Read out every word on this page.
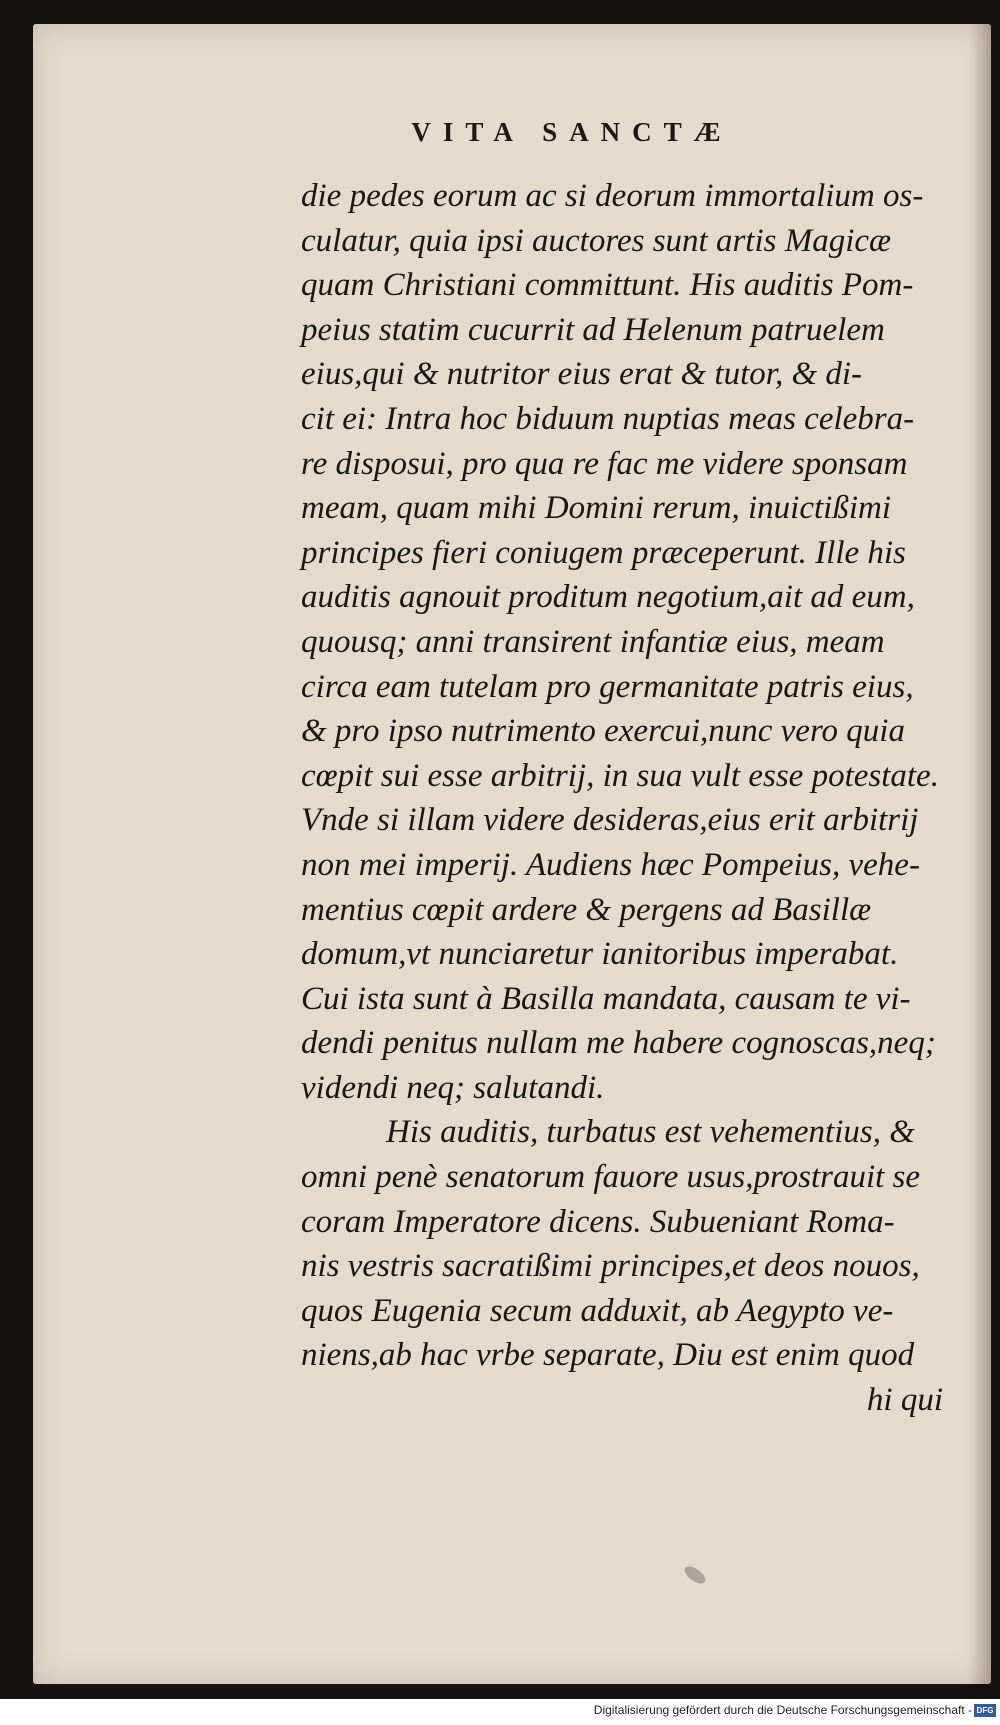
VITA SANCTÆ
die pedes eorum ac si deorum immortalium os-
culatur, quia ipsi auctores sunt artis Magicæ
quam Christiani committunt. His auditis Pom-
peius statim cucurrit ad Helenum patruelem
eius,qui & nutritor eius erat & tutor, & di-
cit ei: Intra hoc biduum nuptias meas celebra-
re disposui, pro qua re fac me videre sponsam
meam, quam mihi Domini rerum, inuictißimi
principes fieri coniugem præceperunt. Ille his
auditis agnouit proditum negotium,ait ad eum,
quousq; anni transirent infantiæ eius, meam
circa eam tutelam pro germanitate patris eius,
& pro ipso nutrimento exercui,nunc vero quia
cœpit sui esse arbitrij, in sua vult esse potestate.
Vnde si illam videre desideras,eius erit arbitrij
non mei imperij. Audiens hæc Pompeius, vehe-
mentius cœpit ardere & pergens ad Basillæ
domum,vt nunciaretur ianitoribus imperabat.
Cui ista sunt à Basilla mandata, causam te vi-
dendi penitus nullam me habere cognoscas,neq;
videndi neq; salutandi.
His auditis, turbatus est vehementius, &
omni penè senatorum fauore usus,prostrauit se
coram Imperatore dicens. Subueniant Roma-
nis vestris sacratißimi principes,et deos nouos,
quos Eugenia secum adduxit, ab Aegypto ve-
niens,ab hac vrbe separate, Diu est enim quod
hi qui
Digitalisierung gefördert durch die Deutsche Forschungsgemeinschaft - DFG
